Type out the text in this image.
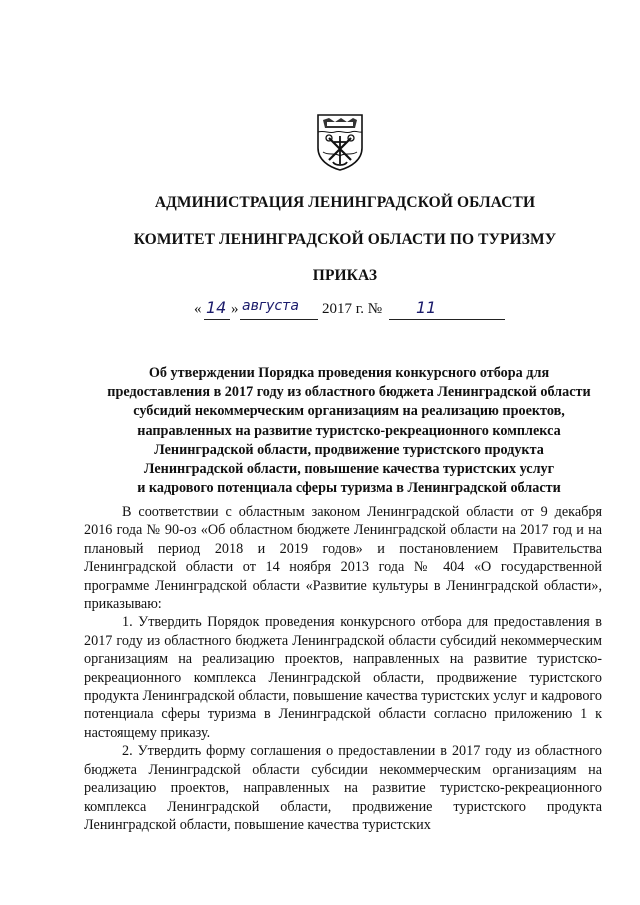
АДМИНИСТРАЦИЯ ЛЕНИНГРАДСКОЙ ОБЛАСТИ
КОМИТЕТ ЛЕНИНГРАДСКОЙ ОБЛАСТИ ПО ТУРИЗМУ
ПРИКАЗ
« 14 » августа 2017 г. № 11
Об утверждении Порядка проведения конкурсного отбора для
предоставления в 2017 году из областного бюджета Ленинградской области
субсидий некоммерческим организациям на реализацию проектов,
направленных на развитие туристско-рекреационного комплекса
Ленинградской области, продвижение туристского продукта
Ленинградской области, повышение качества туристских услуг
и кадрового потенциала сферы туризма в Ленинградской области
В соответствии с областным законом Ленинградской области от 9 декабря 2016 года № 90-оз «Об областном бюджете Ленинградской области на 2017 год и на плановый период 2018 и 2019 годов» и постановлением Правительства Ленинградской области от 14 ноября 2013 года № 404 «О государственной программе Ленинградской области «Развитие культуры в Ленинградской области», приказываю:
1. Утвердить Порядок проведения конкурсного отбора для предоставления в 2017 году из областного бюджета Ленинградской области субсидий некоммерческим организациям на реализацию проектов, направленных на развитие туристско-рекреационного комплекса Ленинградской области, продвижение туристского продукта Ленинградской области, повышение качества туристских услуг и кадрового потенциала сферы туризма в Ленинградской области согласно приложению 1 к настоящему приказу.
2. Утвердить форму соглашения о предоставлении в 2017 году из областного бюджета Ленинградской области субсидии некоммерческим организациям на реализацию проектов, направленных на развитие туристско-рекреационного комплекса Ленинградской области, продвижение туристского продукта Ленинградской области, повышение качества туристских
